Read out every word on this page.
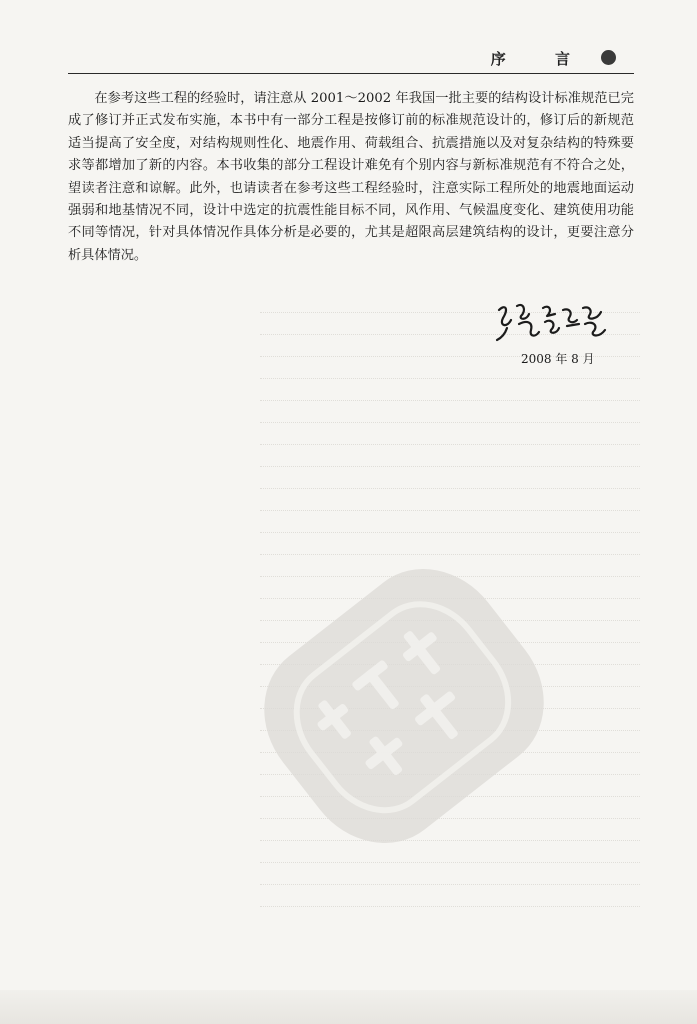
序 言

在参考这些工程的经验时，请注意从 2001～2002 年我国一批主要的结构设计标准规范已完成了修订并正式发布实施，本书中有一部分工程是按修订前的标准规范设计的，修订后的新规范适当提高了安全度，对结构规则性化、地震作用、荷载组合、抗震措施以及对复杂结构的特殊要求等都增加了新的内容。本书收集的部分工程设计难免有个别内容与新标准规范有不符合之处，望读者注意和谅解。此外，也请读者在参考这些工程经验时，注意实际工程所处的地震地面运动强弱和地基情况不同，设计中选定的抗震性能目标不同，风作用、气候温度变化、建筑使用功能不同等情况，针对具体情况作具体分析是必要的，尤其是超限高层建筑结构的设计，更要注意分析具体情况。

2008 年 8 月
